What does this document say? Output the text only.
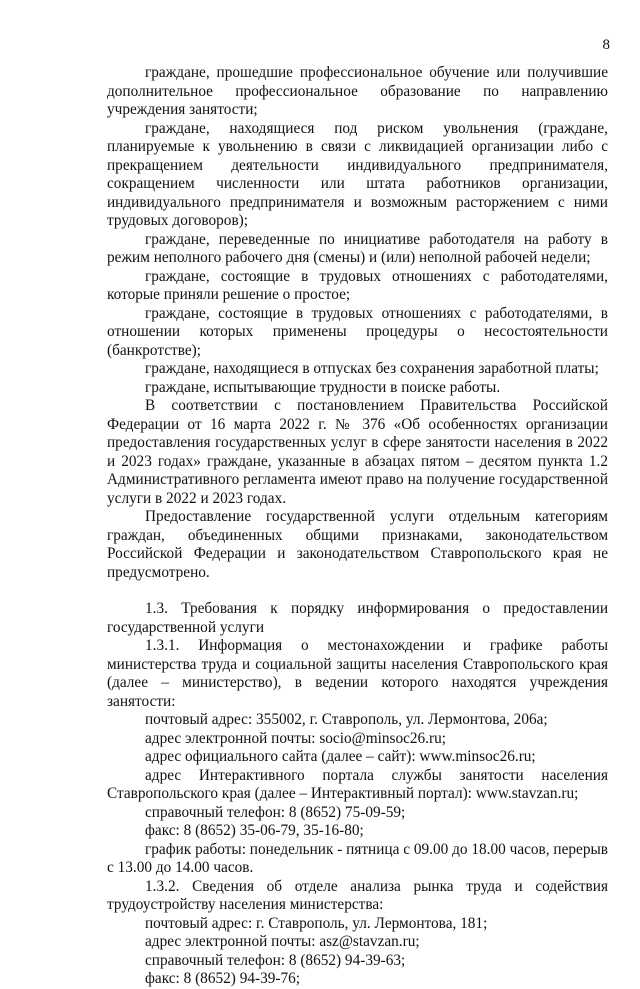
8

граждане, прошедшие профессиональное обучение или получившие дополнительное профессиональное образование по направлению учреждения занятости;

граждане, находящиеся под риском увольнения (граждане, планируемые к увольнению в связи с ликвидацией организации либо с прекращением деятельности индивидуального предпринимателя, сокращением численности или штата работников организации, индивидуального предпринимателя и возможным расторжением с ними трудовых договоров);

граждане, переведенные по инициативе работодателя на работу в режим неполного рабочего дня (смены) и (или) неполной рабочей недели;

граждане, состоящие в трудовых отношениях с работодателями, которые приняли решение о простое;

граждане, состоящие в трудовых отношениях с работодателями, в отношении которых применены процедуры о несостоятельности (банкротстве);

граждане, находящиеся в отпусках без сохранения заработной платы;

граждане, испытывающие трудности в поиске работы.

В соответствии с постановлением Правительства Российской Федерации от 16 марта 2022 г. № 376 «Об особенностях организации предоставления государственных услуг в сфере занятости населения в 2022 и 2023 годах» граждане, указанные в абзацах пятом – десятом пункта 1.2 Административного регламента имеют право на получение государственной услуги в 2022 и 2023 годах.

Предоставление государственной услуги отдельным категориям граждан, объединенных общими признаками, законодательством Российской Федерации и законодательством Ставропольского края не предусмотрено.

1.3. Требования к порядку информирования о предоставлении государственной услуги

1.3.1. Информация о местонахождении и графике работы министерства труда и социальной защиты населения Ставропольского края (далее – министерство), в ведении которого находятся учреждения занятости:

почтовый адрес: 355002, г. Ставрополь, ул. Лермонтова, 206а;

адрес электронной почты: socio@minsoc26.ru;

адрес официального сайта (далее – сайт): www.minsoc26.ru;

адрес Интерактивного портала службы занятости населения Ставропольского края (далее – Интерактивный портал): www.stavzan.ru;

справочный телефон: 8 (8652) 75-09-59;

факс: 8 (8652) 35-06-79, 35-16-80;

график работы: понедельник - пятница с 09.00 до 18.00 часов, перерыв с 13.00 до 14.00 часов.

1.3.2. Сведения об отделе анализа рынка труда и содействия трудоустройству населения министерства:

почтовый адрес: г. Ставрополь, ул. Лермонтова, 181;

адрес электронной почты: asz@stavzan.ru;

справочный телефон: 8 (8652) 94-39-63;

факс: 8 (8652) 94-39-76;
